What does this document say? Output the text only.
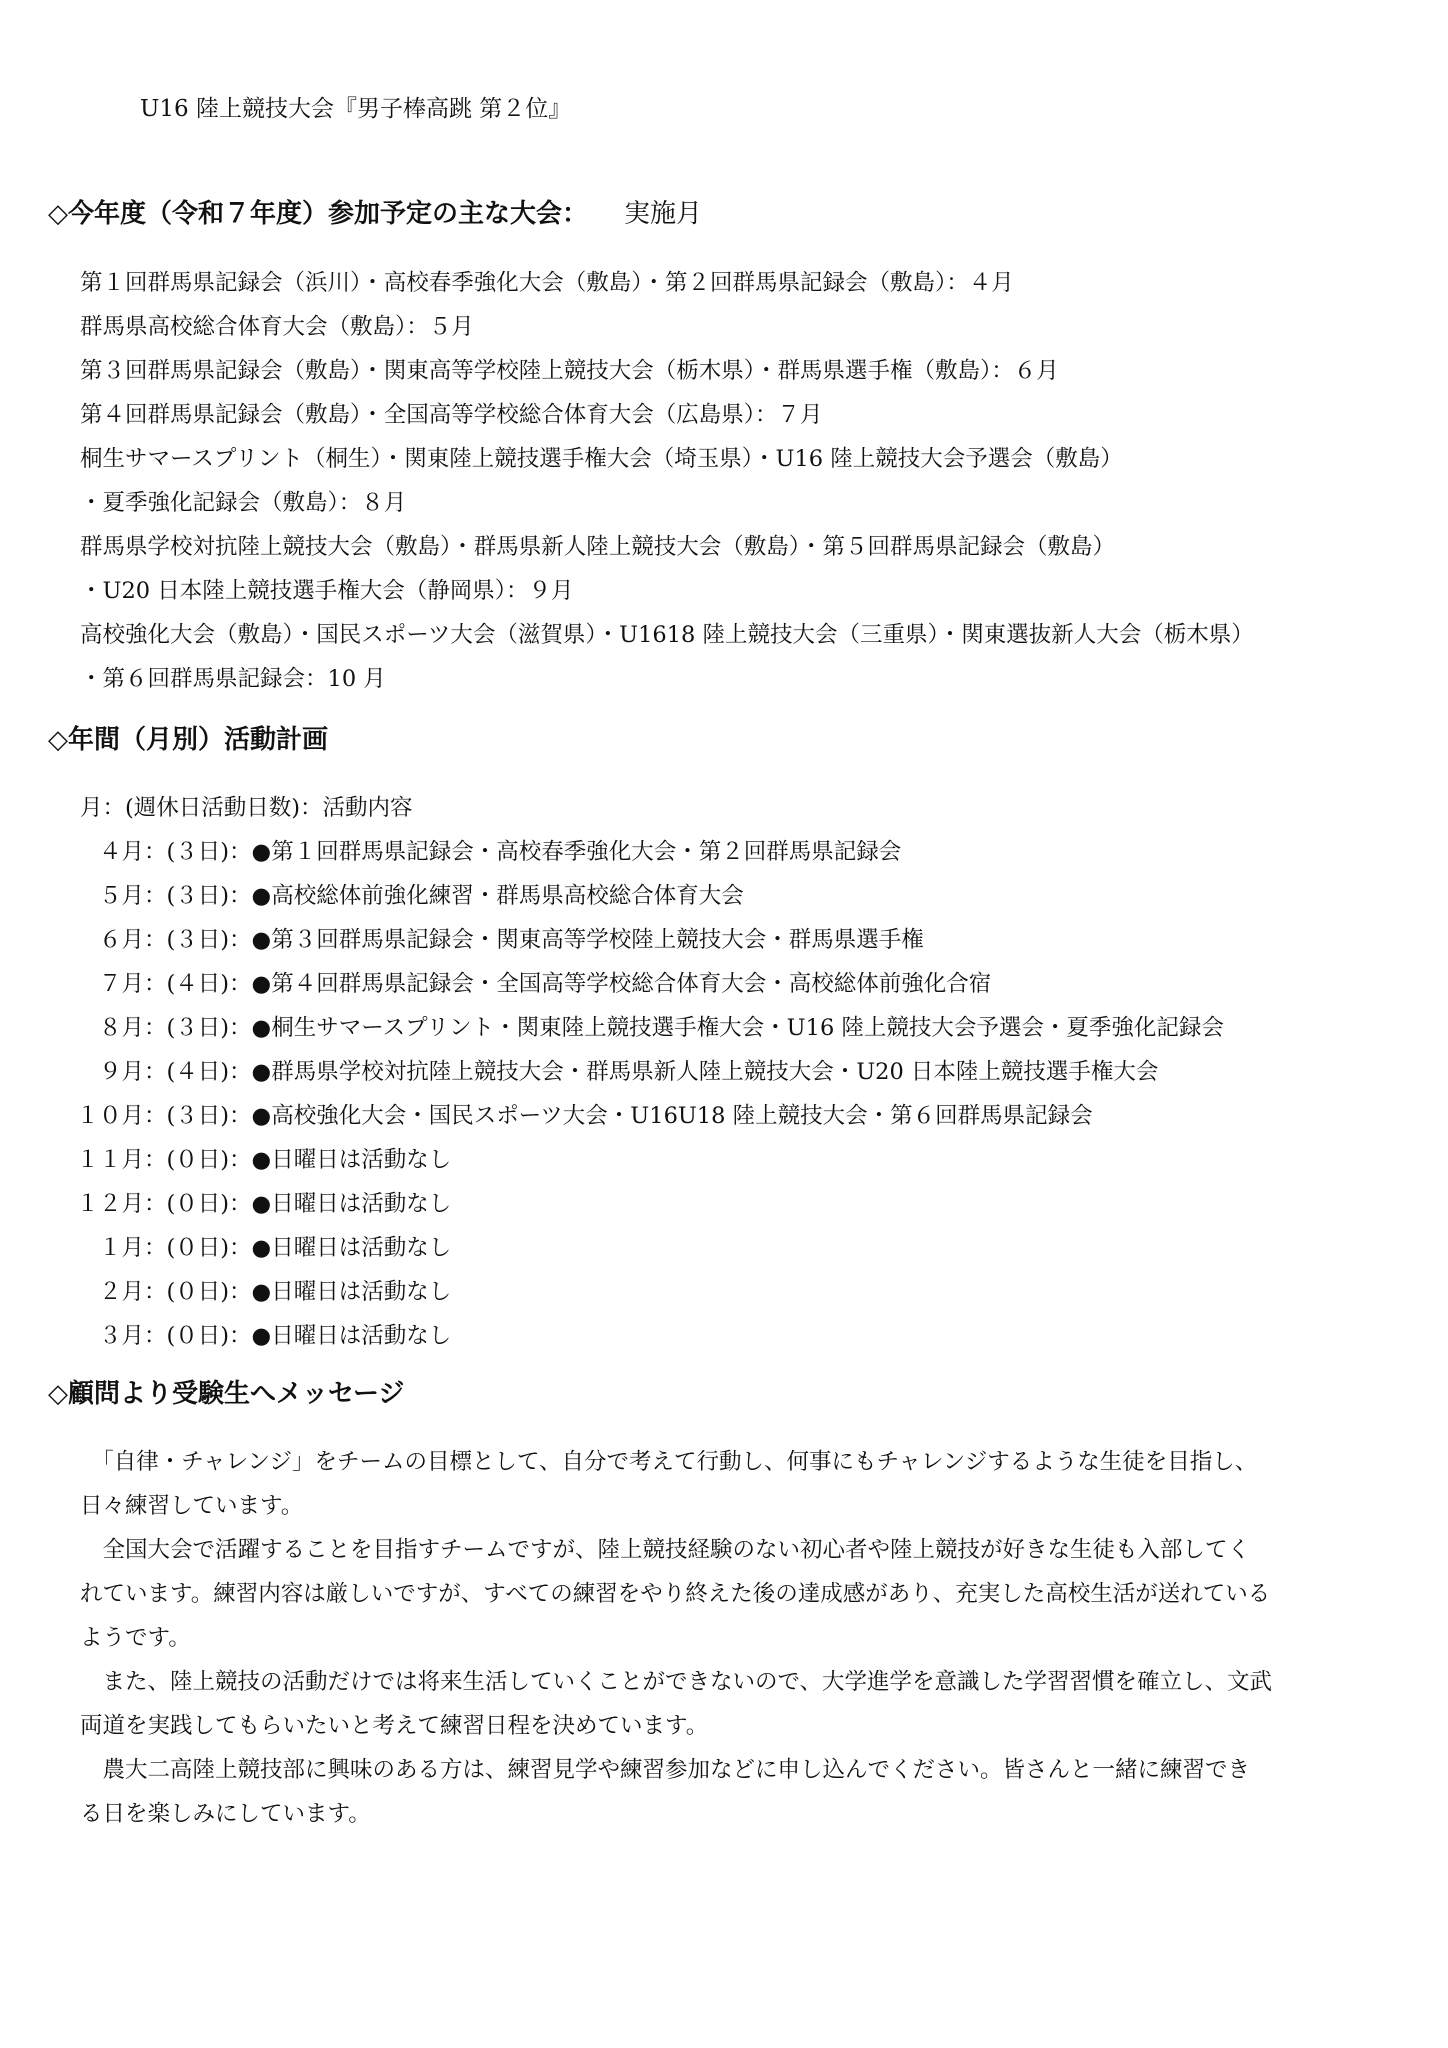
U16 陸上競技大会『男子棒高跳 第２位』
◇今年度（令和７年度）参加予定の主な大会： 実施月
第１回群馬県記録会（浜川）・高校春季強化大会（敷島）・第２回群馬県記録会（敷島）：４月
群馬県高校総合体育大会（敷島）：５月
第３回群馬県記録会（敷島）・関東高等学校陸上競技大会（栃木県）・群馬県選手権（敷島）：６月
第４回群馬県記録会（敷島）・全国高等学校総合体育大会（広島県）：７月
桐生サマースプリント（桐生）・関東陸上競技選手権大会（埼玉県）・U16 陸上競技大会予選会（敷島）
・夏季強化記録会（敷島）：８月
群馬県学校対抗陸上競技大会（敷島）・群馬県新人陸上競技大会（敷島）・第５回群馬県記録会（敷島）
・U20 日本陸上競技選手権大会（静岡県）：９月
高校強化大会（敷島）・国民スポーツ大会（滋賀県）・U1618 陸上競技大会（三重県）・関東選抜新人大会（栃木県）
・第６回群馬県記録会：10 月
◇年間（月別）活動計画
月：(週休日活動日数)：活動内容
４月：(３日)：●第１回群馬県記録会・高校春季強化大会・第２回群馬県記録会
５月：(３日)：●高校総体前強化練習・群馬県高校総合体育大会
６月：(３日)：●第３回群馬県記録会・関東高等学校陸上競技大会・群馬県選手権
７月：(４日)：●第４回群馬県記録会・全国高等学校総合体育大会・高校総体前強化合宿
８月：(３日)：●桐生サマースプリント・関東陸上競技選手権大会・U16 陸上競技大会予選会・夏季強化記録会
９月：(４日)：●群馬県学校対抗陸上競技大会・群馬県新人陸上競技大会・U20 日本陸上競技選手権大会
１０月：(３日)：●高校強化大会・国民スポーツ大会・U16U18 陸上競技大会・第６回群馬県記録会
１１月：(０日)：●日曜日は活動なし
１２月：(０日)：●日曜日は活動なし
１月：(０日)：●日曜日は活動なし
２月：(０日)：●日曜日は活動なし
３月：(０日)：●日曜日は活動なし
◇顧問より受験生へメッセージ
　「自律・チャレンジ」をチームの目標として、自分で考えて行動し、何事にもチャレンジするような生徒を目指し、
日々練習しています。
　全国大会で活躍することを目指すチームですが、陸上競技経験のない初心者や陸上競技が好きな生徒も入部してく
れています。練習内容は厳しいですが、すべての練習をやり終えた後の達成感があり、充実した高校生活が送れている
ようです。
　また、陸上競技の活動だけでは将来生活していくことができないので、大学進学を意識した学習習慣を確立し、文武
両道を実践してもらいたいと考えて練習日程を決めています。
　農大二高陸上競技部に興味のある方は、練習見学や練習参加などに申し込んでください。皆さんと一緒に練習でき
る日を楽しみにしています。
